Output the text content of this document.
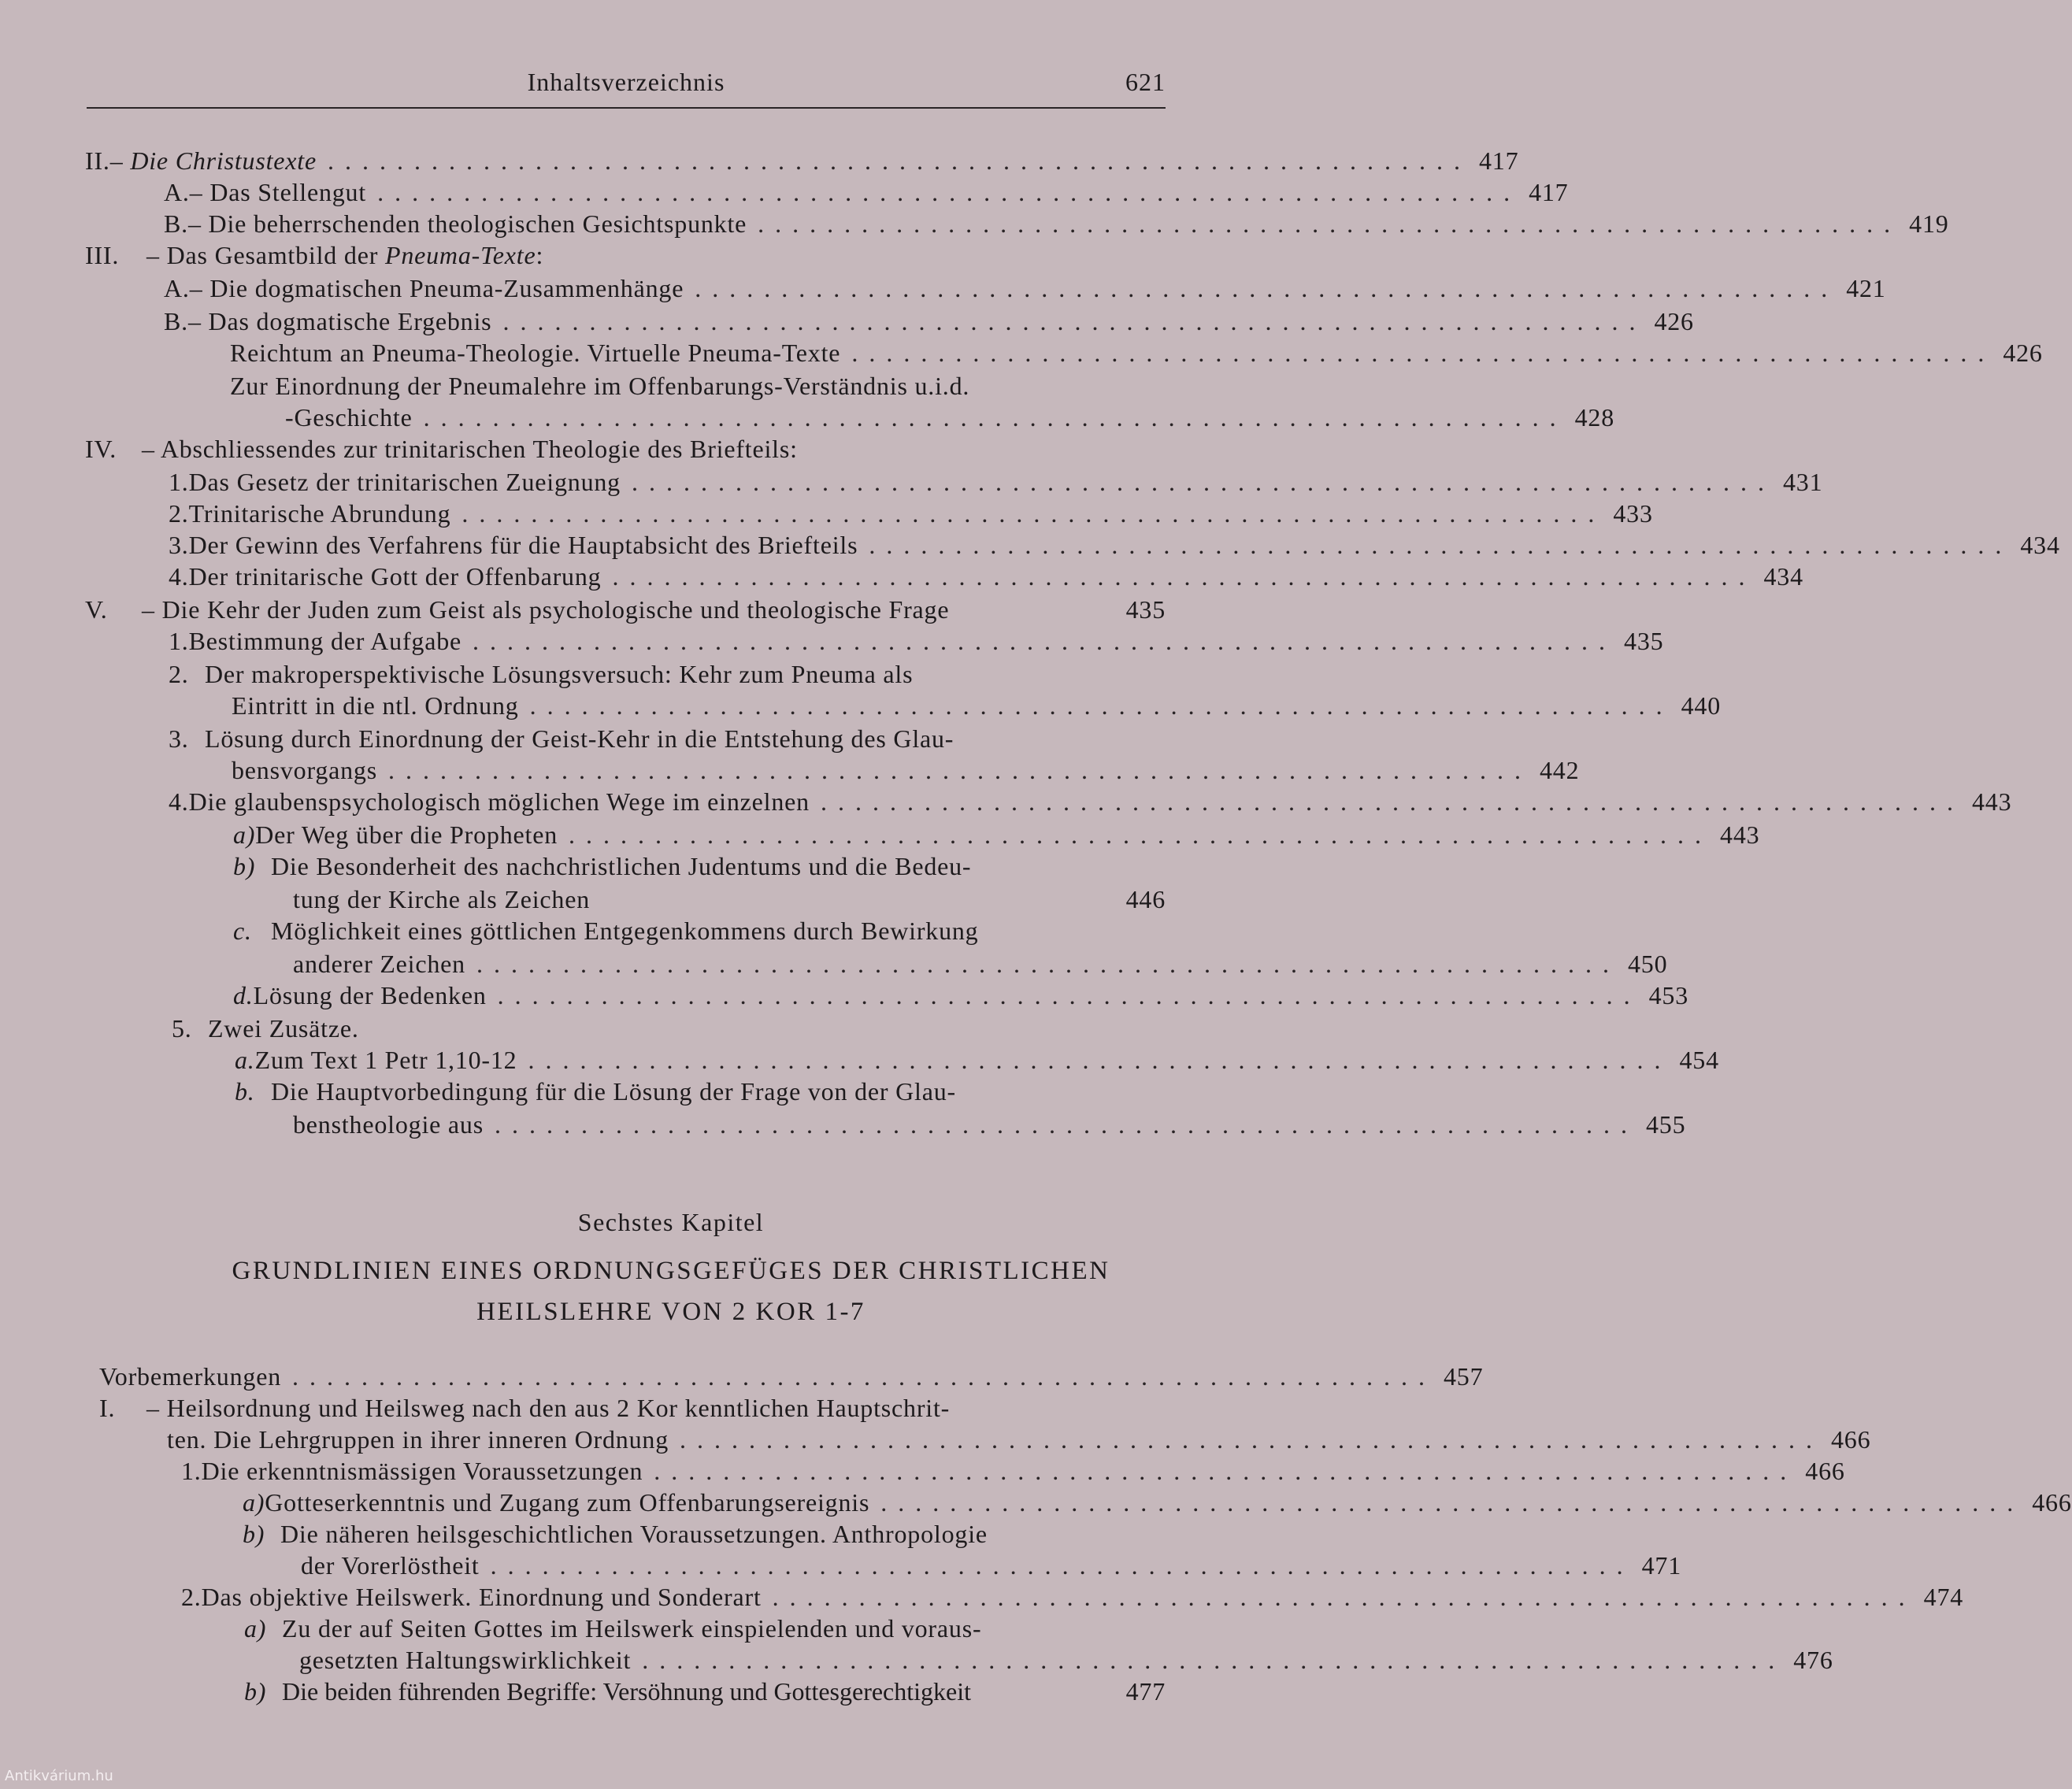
Inhaltsverzeichnis	621
II. – Die Christustexte .................................................................. 417
A. – Das Stellengut .................................................................. 417
B. – Die beherrschenden theologischen Gesichtspunkte .................................................................. 419
III.	– Das Gesamtbild der Pneuma-Texte :
A. – Die dogmatischen Pneuma-Zusammenhänge .................................................................. 421
B. – Das dogmatische Ergebnis .................................................................. 426
Reichtum an Pneuma-Theologie. Virtuelle Pneuma-Texte .................................................................. 426
Zur Einordnung der Pneumalehre im Offenbarungs-Verständnis u.i.d.
-Geschichte .................................................................. 428
IV. – Abschliessendes zur trinitarischen Theologie des Briefteils:
1. Das Gesetz der trinitarischen Zueignung .................................................................. 431
2. Trinitarische Abrundung .................................................................. 433
3. Der Gewinn des Verfahrens für die Hauptabsicht des Briefteils .................................................................. 434
4. Der trinitarische Gott der Offenbarung .................................................................. 434
V.	– Die Kehr der Juden zum Geist als psychologische und theologische Frage	435
1. Bestimmung der Aufgabe .................................................................. 435
2. Der makroperspektivische Lösungsversuch: Kehr zum Pneuma als
Eintritt in die ntl. Ordnung .................................................................. 440
3. Lösung durch Einordnung der Geist-Kehr in die Entstehung des Glau-
bensvorgangs .................................................................. 442
4. Die glaubenspsychologisch möglichen Wege im einzelnen .................................................................. 443
a) Der Weg über die Propheten .................................................................. 443
b) Die Besonderheit des nachchristlichen Judentums und die Bedeu-
tung der Kirche als Zeichen	446
c. Möglichkeit eines göttlichen Entgegenkommens durch Bewirkung
anderer Zeichen .................................................................. 450
d. Lösung der Bedenken .................................................................. 453
5. Zwei Zusätze.
a. Zum Text 1 Petr 1,10-12 .................................................................. 454
b. Die Hauptvorbedingung für die Lösung der Frage von der Glau-
benstheologie aus .................................................................. 455
Sechstes Kapitel
GRUNDLINIEN EINES ORDNUNGSGEFÜGES DER CHRISTLICHEN
HEILSLEHRE VON 2 KOR 1-7
Vorbemerkungen .................................................................. 457
I.	– Heilsordnung und Heilsweg nach den aus 2 Kor kenntlichen Hauptschrit-
ten. Die Lehrgruppen in ihrer inneren Ordnung .................................................................. 466
1. Die erkenntnismässigen Voraussetzungen .................................................................. 466
a) Gotteserkenntnis und Zugang zum Offenbarungsereignis .................................................................. 466
b) Die näheren heilsgeschichtlichen Voraussetzungen. Anthropologie
der Vorerlöstheit .................................................................. 471
2. Das objektive Heilswerk. Einordnung und Sonderart .................................................................. 474
a) Zu der auf Seiten Gottes im Heilswerk einspielenden und voraus-
gesetzten Haltungswirklichkeit .................................................................. 476
b) Die beiden führenden Begriffe: Versöhnung und Gottesgerechtigkeit	477
Antikvárium.hu
